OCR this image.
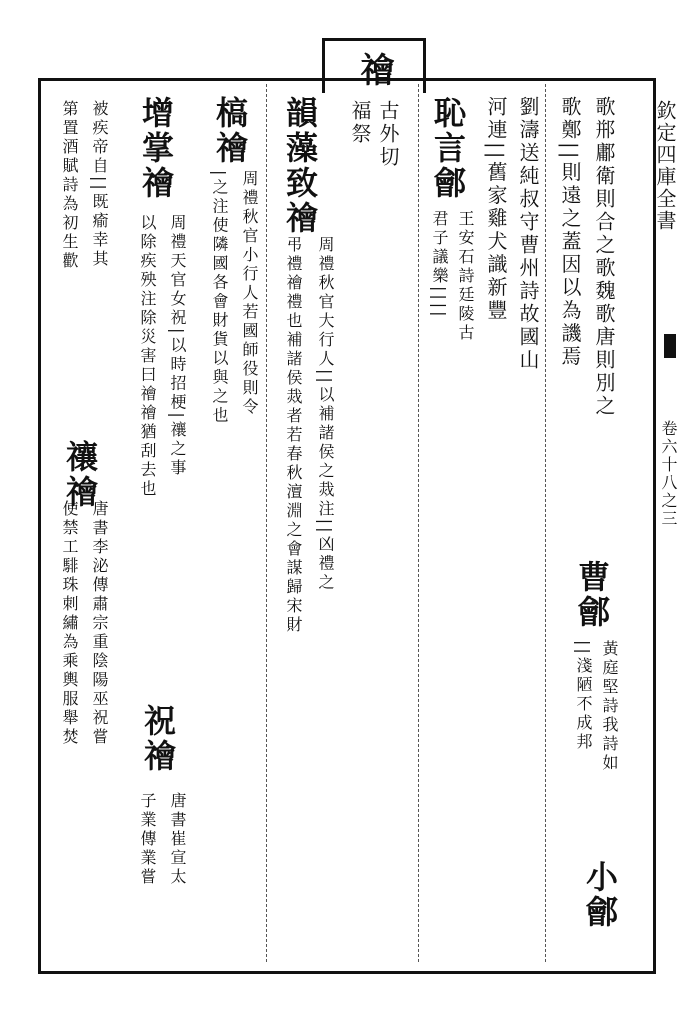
禬
古外切
福祭	欽定四庫全書
卷六十八之三
歌郱鄘衛則合之歌魏歌唐則別之
歌鄭||則遠之蓋因以為譏焉
劉濤送純叔守曹州詩故國山
河連||舊家雞犬識新豐
恥言鄶
王安石詩廷陵古
君子議樂||||
曹鄶
黃庭堅詩我詩如
||淺陋不成邦
小鄶
韻藻致禬
周禮秋官大行人||以補諸侯之烖注||凶禮之
弔禮禬禮也補諸侯烖者若春秋澶淵之會謀歸宋財
槁禬
周禮秋官小行人若國師役則令
|之注使隣國各會財貨以與之也
增掌禬
周禮天官女祝|以時招梗|禳之事
以除疾殃注除災害曰禬禬猶刮去也
祝禬
唐書崔宣太
子業傳業嘗
被疾帝自||既瘉幸其
第置酒賦詩為初生歡
禳禬
唐書李泌傳肅宗重陰陽巫祝嘗
使禁工騑珠刺繡為乘輿服舉焚
